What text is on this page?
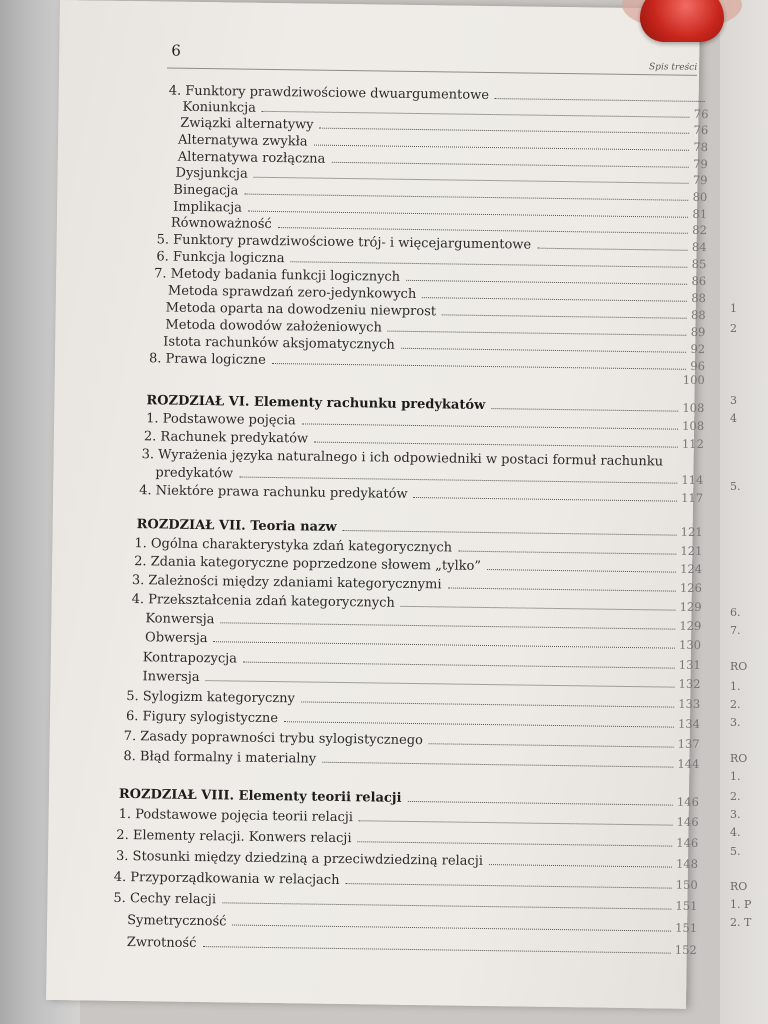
1
2
3
4
5.
6.
7.
RO
1.
2.
3.
RO
1.
2.
3.
4.
5.
RO
1. P
2. T
6
Spis treści
4. Funktory prawdziwościowe dwuargumentowe
Koniunkcja	76
Związki alternatywy	76
Alternatywa zwykła	78
Alternatywa rozłączna	79
Dysjunkcja	79
Binegacja	80
Implikacja	81
Równoważność	82
5. Funktory prawdziwościowe trój- i więcejargumentowe	84
6. Funkcja logiczna	85
7. Metody badania funkcji logicznych	86
Metoda sprawdzań zero-jedynkowych	88
Metoda oparta na dowodzeniu niewprost	88
Metoda dowodów założeniowych	89
Istota rachunków aksjomatycznych	92
8. Prawa logiczne	96
100
ROZDZIAŁ VI. Elementy rachunku predykatów	108
1. Podstawowe pojęcia	108
2. Rachunek predykatów	112
3. Wyrażenia języka naturalnego i ich odpowiedniki w postaci formuł rachunku
predykatów	114
4. Niektóre prawa rachunku predykatów	117
ROZDZIAŁ VII. Teoria nazw	121
1. Ogólna charakterystyka zdań kategorycznych	121
2. Zdania kategoryczne poprzedzone słowem „tylko”	124
3. Zależności między zdaniami kategorycznymi	126
4. Przekształcenia zdań kategorycznych	129
Konwersja	129
Obwersja	130
Kontrapozycja	131
Inwersja	132
5. Sylogizm kategoryczny	133
6. Figury sylogistyczne	134
7. Zasady poprawności trybu sylogistycznego	137
8. Błąd formalny i materialny	144
ROZDZIAŁ VIII. Elementy teorii relacji	146
1. Podstawowe pojęcia teorii relacji	146
2. Elementy relacji. Konwers relacji	146
3. Stosunki między dziedziną a przeciwdziedziną relacji	148
4. Przyporządkowania w relacjach	150
5. Cechy relacji	151
Symetryczność	151
Zwrotność	152
